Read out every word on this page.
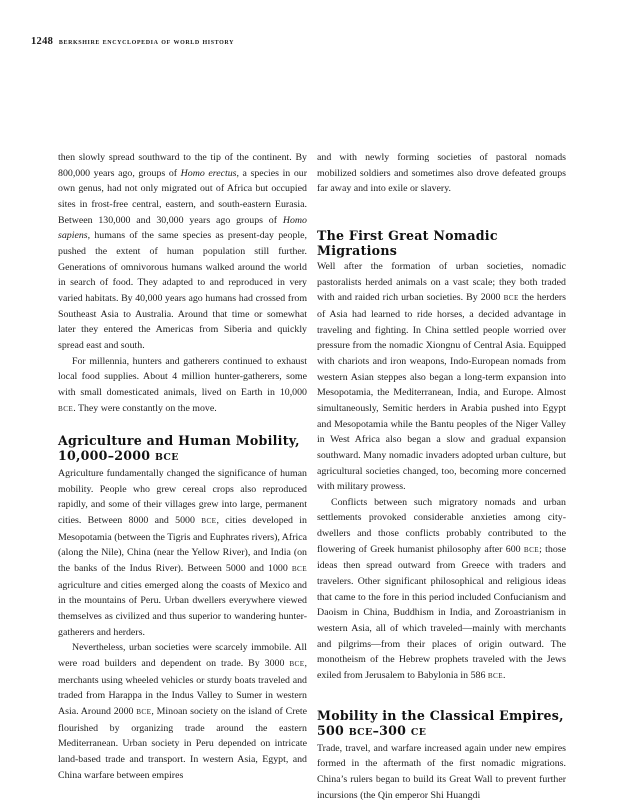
1248 berkshire encyclopedia of world history

then slowly spread southward to the tip of the continent. By 800,000 years ago, groups of Homo erectus, a species in our own genus, had not only migrated out of Africa but occupied sites in frost-free central, eastern, and south-eastern Eurasia. Between 130,000 and 30,000 years ago groups of Homo sapiens, humans of the same species as present-day people, pushed the extent of human population still further. Generations of omnivorous humans walked around the world in search of food. They adapted to and reproduced in very varied habitats. By 40,000 years ago humans had crossed from Southeast Asia to Australia. Around that time or somewhat later they entered the Americas from Siberia and quickly spread east and south.

For millennia, hunters and gatherers continued to exhaust local food supplies. About 4 million hunter-gatherers, some with small domesticated animals, lived on Earth in 10,000 BCE. They were constantly on the move.

Agriculture and Human Mobility, 10,000–2000 BCE

Agriculture fundamentally changed the significance of human mobility. People who grew cereal crops also reproduced rapidly, and some of their villages grew into large, permanent cities. Between 8000 and 5000 BCE, cities developed in Mesopotamia (between the Tigris and Euphrates rivers), Africa (along the Nile), China (near the Yellow River), and India (on the banks of the Indus River). Between 5000 and 1000 BCE agriculture and cities emerged along the coasts of Mexico and in the mountains of Peru. Urban dwellers everywhere viewed themselves as civilized and thus superior to wandering hunter-gatherers and herders.

Nevertheless, urban societies were scarcely immobile. All were road builders and dependent on trade. By 3000 BCE, merchants using wheeled vehicles or sturdy boats traveled and traded from Harappa in the Indus Valley to Sumer in western Asia. Around 2000 BCE, Minoan society on the island of Crete flourished by organizing trade around the eastern Mediterranean. Urban society in Peru depended on intricate land-based trade and transport. In western Asia, Egypt, and China warfare between empires

and with newly forming societies of pastoral nomads mobilized soldiers and sometimes also drove defeated groups far away and into exile or slavery.

The First Great Nomadic Migrations

Well after the formation of urban societies, nomadic pastoralists herded animals on a vast scale; they both traded with and raided rich urban societies. By 2000 BCE the herders of Asia had learned to ride horses, a decided advantage in traveling and fighting. In China settled people worried over pressure from the nomadic Xiongnu of Central Asia. Equipped with chariots and iron weapons, Indo-European nomads from western Asian steppes also began a long-term expansion into Mesopotamia, the Mediterranean, India, and Europe. Almost simultaneously, Semitic herders in Arabia pushed into Egypt and Mesopotamia while the Bantu peoples of the Niger Valley in West Africa also began a slow and gradual expansion southward. Many nomadic invaders adopted urban culture, but agricultural societies changed, too, becoming more concerned with military prowess.

Conflicts between such migratory nomads and urban settlements provoked considerable anxieties among city-dwellers and those conflicts probably contributed to the flowering of Greek humanist philosophy after 600 BCE; those ideas then spread outward from Greece with traders and travelers. Other significant philosophical and religious ideas that came to the fore in this period included Confucianism and Daoism in China, Buddhism in India, and Zoroastrianism in western Asia, all of which traveled—mainly with merchants and pilgrims—from their places of origin outward. The monotheism of the Hebrew prophets traveled with the Jews exiled from Jerusalem to Babylonia in 586 BCE.

Mobility in the Classical Empires, 500 BCE–300 CE

Trade, travel, and warfare increased again under new empires formed in the aftermath of the first nomadic migrations. China’s rulers began to build its Great Wall to prevent further incursions (the Qin emperor Shi Huangdi
